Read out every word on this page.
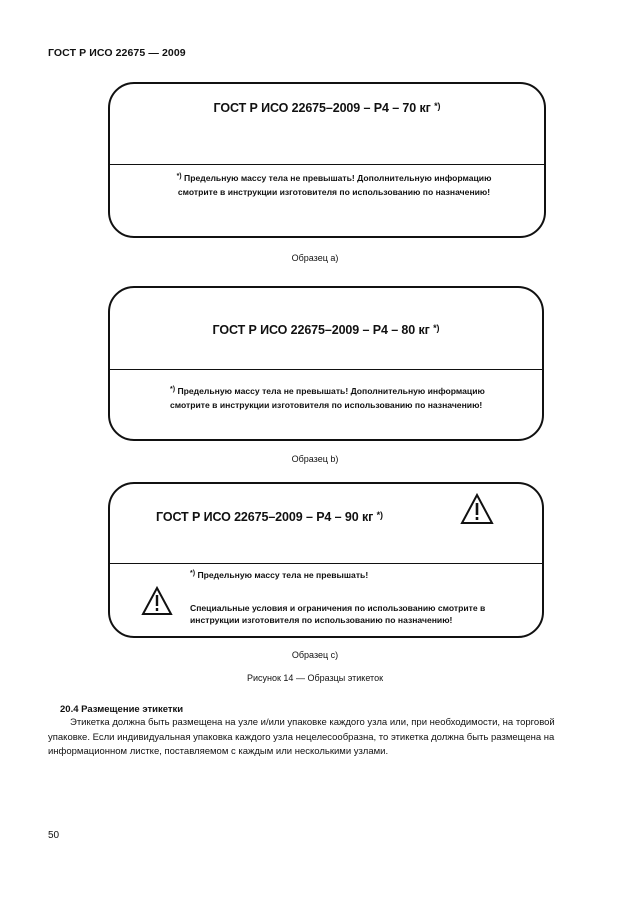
ГОСТ Р ИСО 22675 — 2009
ГОСТ Р ИСО 22675–2009 – Р4 – 70 кг *)
*) Предельную массу тела не превышать! Дополнительную информацию смотрите в инструкции изготовителя по использованию по назначению!
Образец a)
ГОСТ Р ИСО 22675–2009 – Р4 – 80 кг *)
*) Предельную массу тела не превышать! Дополнительную информацию смотрите в инструкции изготовителя по использованию по назначению!
Образец b)
ГОСТ Р ИСО 22675–2009 – Р4 – 90 кг *)
*) Предельную массу тела не превышать!
Специальные условия и ограничения по использованию смотрите в инструкции изготовителя по использованию по назначению!
Образец c)
Рисунок 14 — Образцы этикеток
20.4 Размещение этикетки

Этикетка должна быть размещена на узле и/или упаковке каждого узла или, при необходимости, на торговой упаковке. Если индивидуальная упаковка каждого узла нецелесообразна, то этикетка должна быть размещена на информационном листке, поставляемом с каждым или несколькими узлами.

50
